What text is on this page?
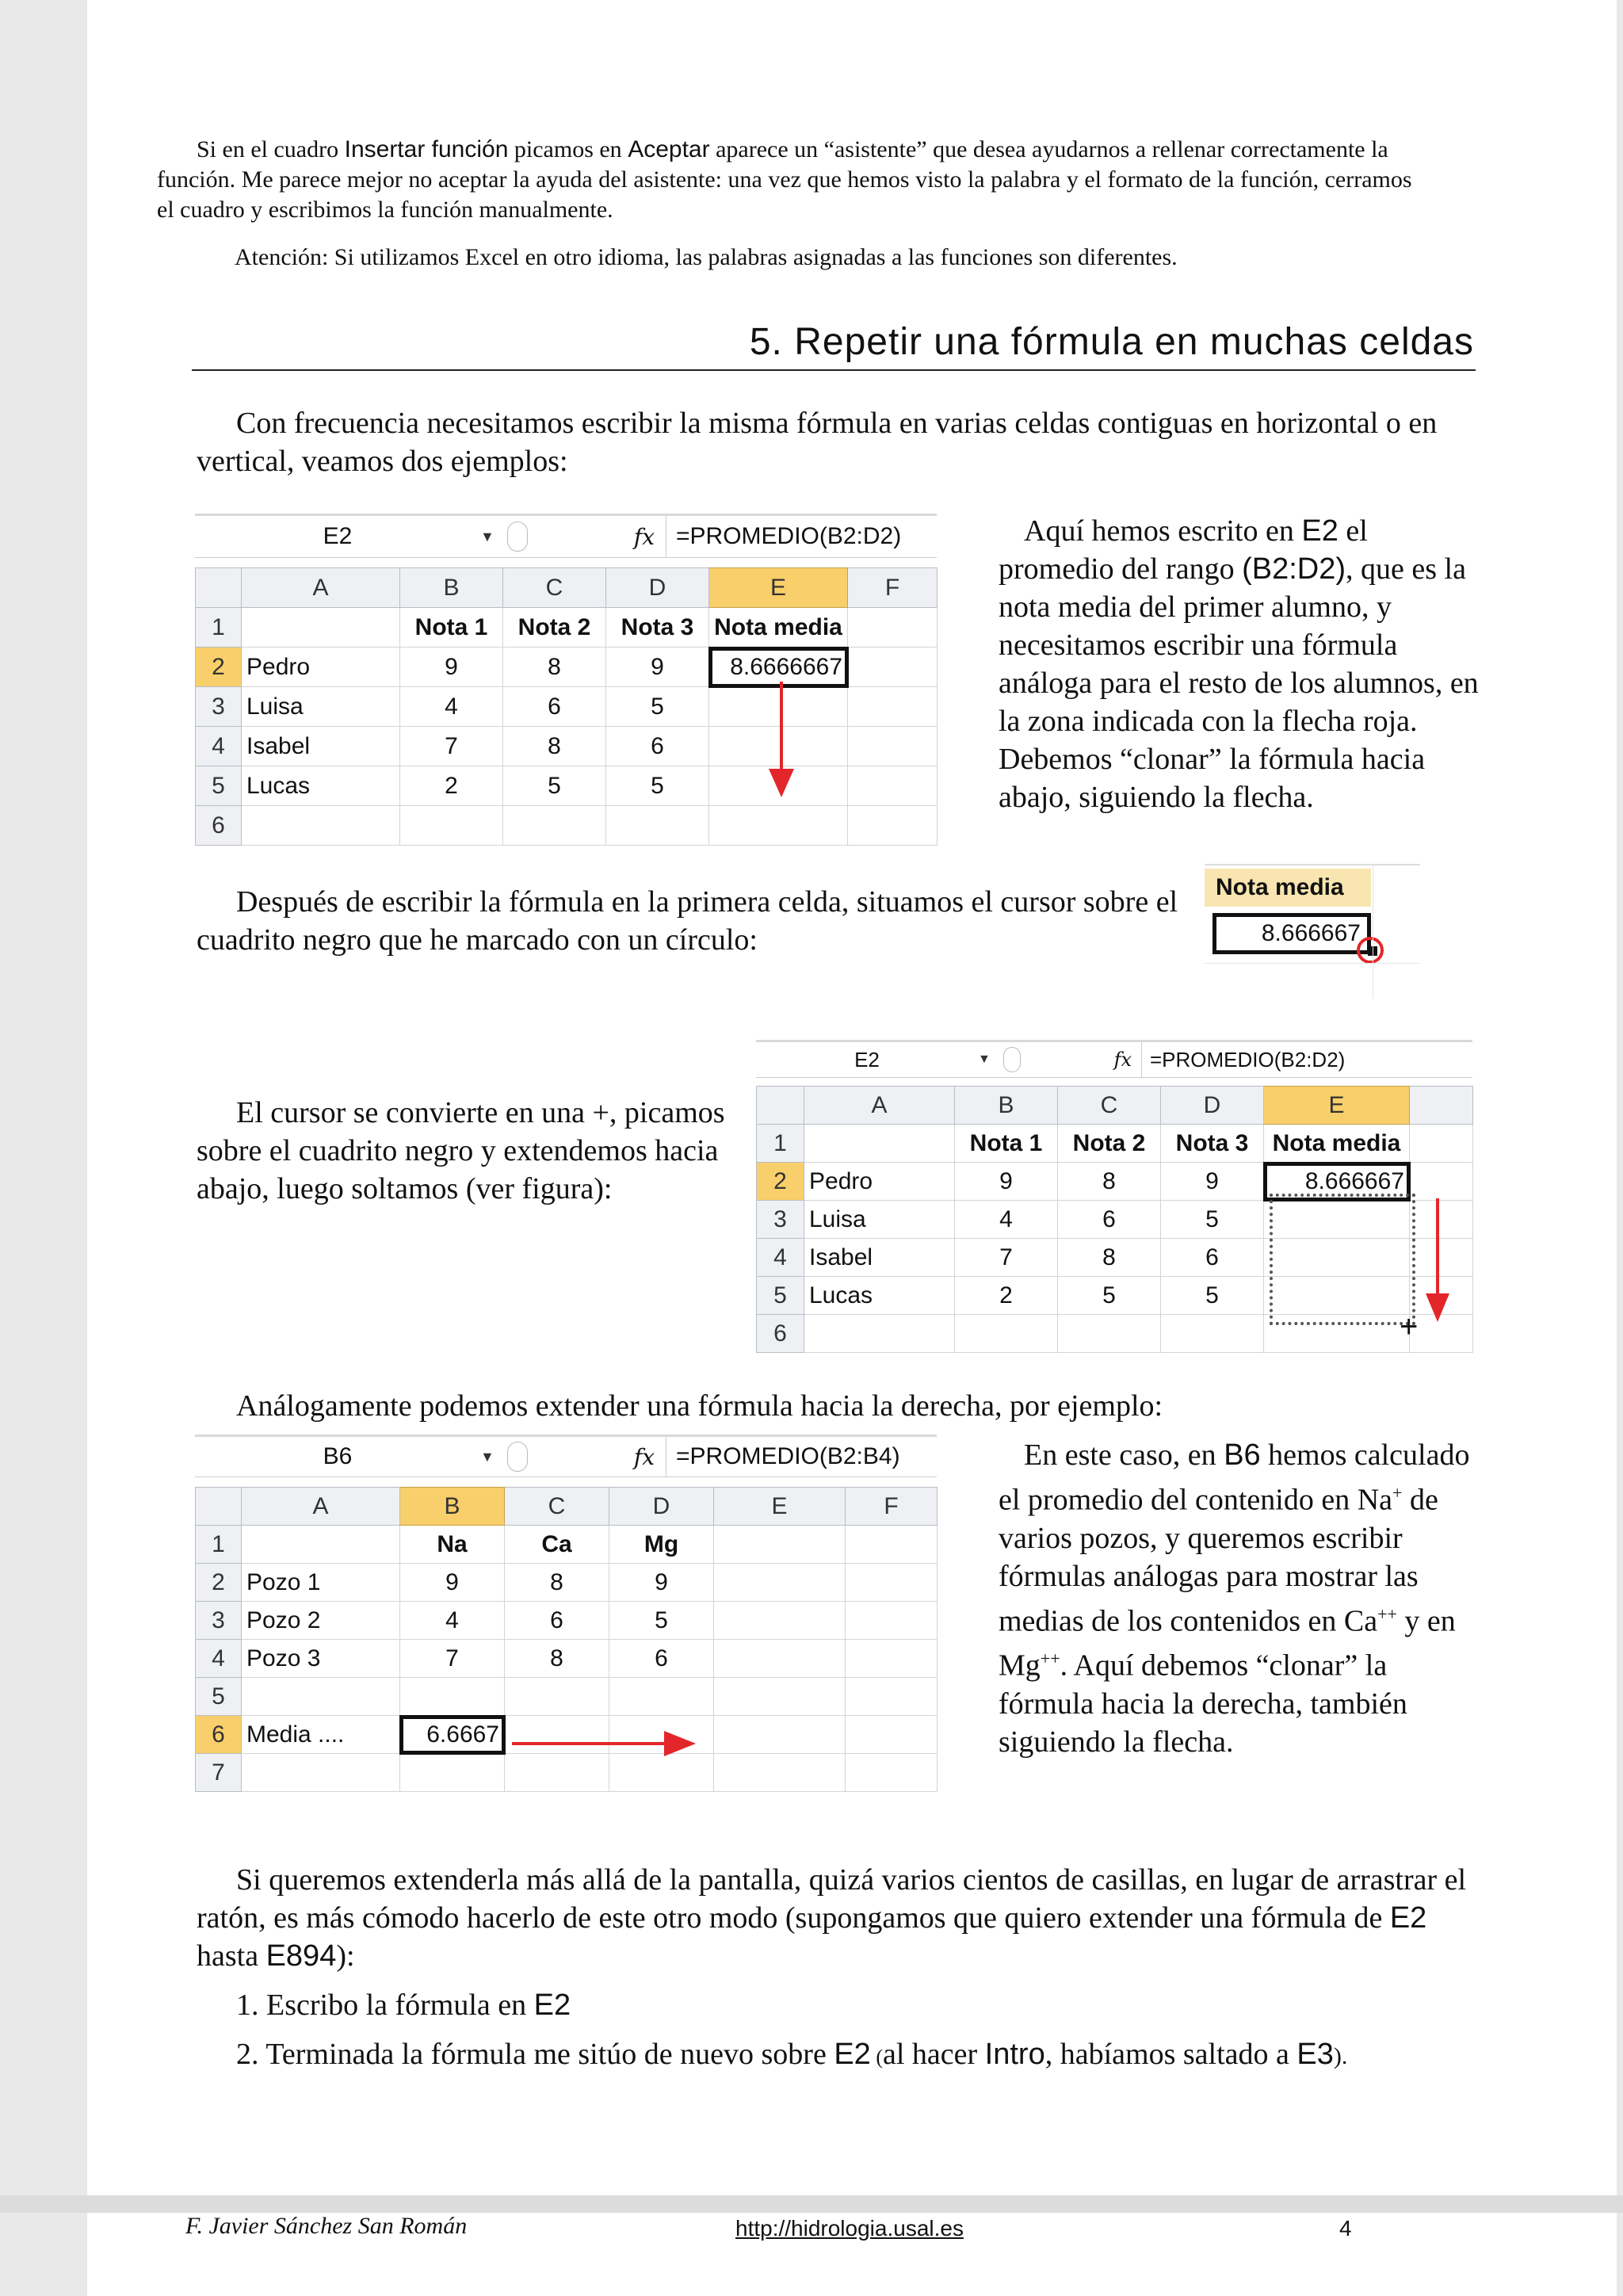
Si en el cuadro Insertar función picamos en Aceptar aparece un “asistente” que desea ayudarnos a rellenar correctamente la función. Me parece mejor no aceptar la ayuda del asistente: una vez que hemos visto la palabra y el formato de la función, cerramos el cuadro y escribimos la función manualmente.
Atención: Si utilizamos Excel en otro idioma, las palabras asignadas a las funciones son diferentes.
5. Repetir una fórmula en muchas celdas
Con frecuencia necesitamos escribir la misma fórmula en varias celdas contiguas en horizontal o en vertical, veamos dos ejemplos:
E2	▼	fx =PROMEDIO(B2:D2)
	A	B	C	D	E	F
1		Nota 1	Nota 2	Nota 3	Nota media	
2	Pedro	9	8	9	8.6666667	
3	Luisa	4	6	5		
4	Isabel	7	8	6		
5	Lucas	2	5	5		
6						
Aquí hemos escrito en E2 el promedio del rango (B2:D2), que es la nota media del primer alumno, y necesitamos escribir una fórmula análoga para el resto de los alumnos, en la zona indicada con la flecha roja.
Debemos “clonar” la fórmula hacia abajo, siguiendo la flecha.
Después de escribir la fórmula en la primera celda, situamos el cursor sobre el cuadrito negro que he marcado con un círculo:
Nota media
8.666667
El cursor se convierte en una +, picamos sobre el cuadrito negro y extendemos hacia abajo, luego soltamos (ver figura):
E2	▼	fx =PROMEDIO(B2:D2)
	A	B	C	D	E	
1		Nota 1	Nota 2	Nota 3	Nota media	
2	Pedro	9	8	9	8.666667	
3	Luisa	4	6	5		
4	Isabel	7	8	6		
5	Lucas	2	5	5		
6							+
Análogamente podemos extender una fórmula hacia la derecha, por ejemplo:
B6	▼	fx =PROMEDIO(B2:B4)
	A	B	C	D	E	F
1		Na	Ca	Mg		
2	Pozo 1	9	8	9		
3	Pozo 2	4	6	5		
4	Pozo 3	7	8	6		
5						
6	Media ....	6.6667				
7						
En este caso, en B6 hemos calculado el promedio del contenido en Na+ de varios pozos, y queremos escribir fórmulas análogas para mostrar las medias de los contenidos en Ca++ y en Mg++. Aquí debemos “clonar” la fórmula hacia la derecha, también siguiendo la flecha.
Si queremos extenderla más allá de la pantalla, quizá varios cientos de casillas, en lugar de arrastrar el ratón, es más cómodo hacerlo de este otro modo (supongamos que quiero extender una fórmula de E2 hasta E894):
1. Escribo la fórmula en E2
2. Terminada la fórmula me sitúo de nuevo sobre E2 (al hacer Intro, habíamos saltado a E3).
F. Javier Sánchez San Román	http://hidrologia.usal.es	4
